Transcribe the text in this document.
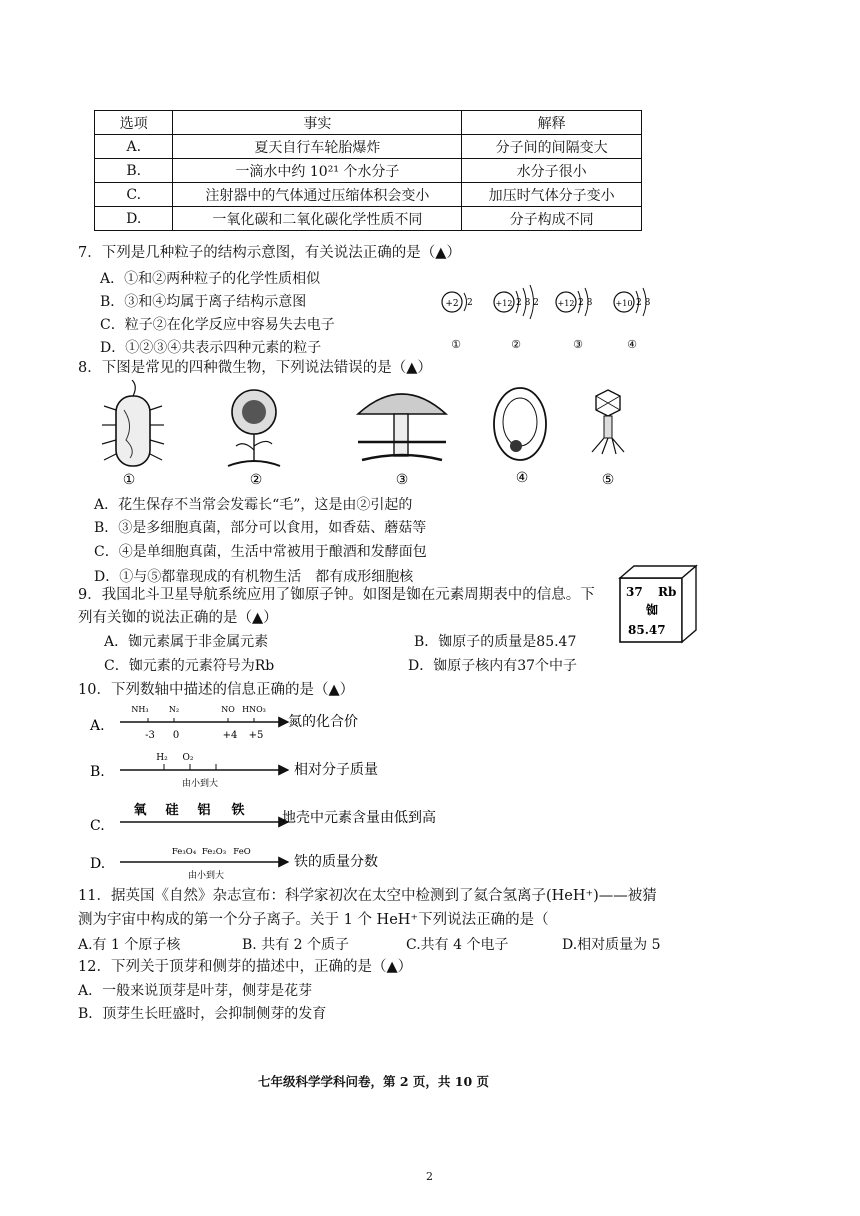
选项	事实	解释
A.	夏天自行车轮胎爆炸	分子间的间隔变大
B.	一滴水中约 10²¹ 个水分子	水分子很小
C.	注射器中的气体通过压缩体积会变小	加压时气体分子变小
D.	一氧化碳和二氧化碳化学性质不同	分子构成不同
7．下列是几种粒子的结构示意图，有关说法正确的是（▲）
A．①和②两种粒子的化学性质相似
B．③和④均属于离子结构示意图
C．粒子②在化学反应中容易失去电子
D．①②③④共表示四种元素的粒子
+2 2
①
+12 2 8 2
②
+12 2 8
③
+10 2 8
④
8．下图是常见的四种微生物，下列说法错误的是（▲）
①	②	③	④	⑤
A．花生保存不当常会发霉长“毛”，这是由②引起的
B．③是多细胞真菌，部分可以食用，如香菇、蘑菇等
C．④是单细胞真菌，生活中常被用于酿酒和发酵面包
D．①与⑤都靠现成的有机物生活　都有成形细胞核
9．我国北斗卫星导航系统应用了铷原子钟。如图是铷在元素周期表中的信息。下
列有关铷的说法正确的是（▲）
A．铷元素属于非金属元素	B．铷原子的质量是85.47
C．铷元素的元素符号为Rb	D．铷原子核内有37个中子
37 Rb
铷
85.47
10．下列数轴中描述的信息正确的是（▲）
A.
NH₃	N₂	NO HNO₃
-3 0	+4 +5
氮的化合价
B.
H₂ O₂
由小到大
相对分子质量
C.
氧 硅 铝 铁	地壳中元素含量由低到高
D.
Fe₃O₄ Fe₂O₃ FeO
由小到大
铁的质量分数
11．据英国《自然》杂志宣布：科学家初次在太空中检测到了氦合氢离子(HeH⁺)——被猜
测为宇宙中构成的第一个分子离子。关于 1 个 HeH⁺下列说法正确的是（
A.有 1 个原子核	B. 共有 2 个质子	C.共有 4 个电子	D.相对质量为 5
12．下列关于顶芽和侧芽的描述中，正确的是（▲）
A．一般来说顶芽是叶芽，侧芽是花芽
B．顶芽生长旺盛时，会抑制侧芽的发育
七年级科学学科问卷，第 2 页，共 10 页
2
